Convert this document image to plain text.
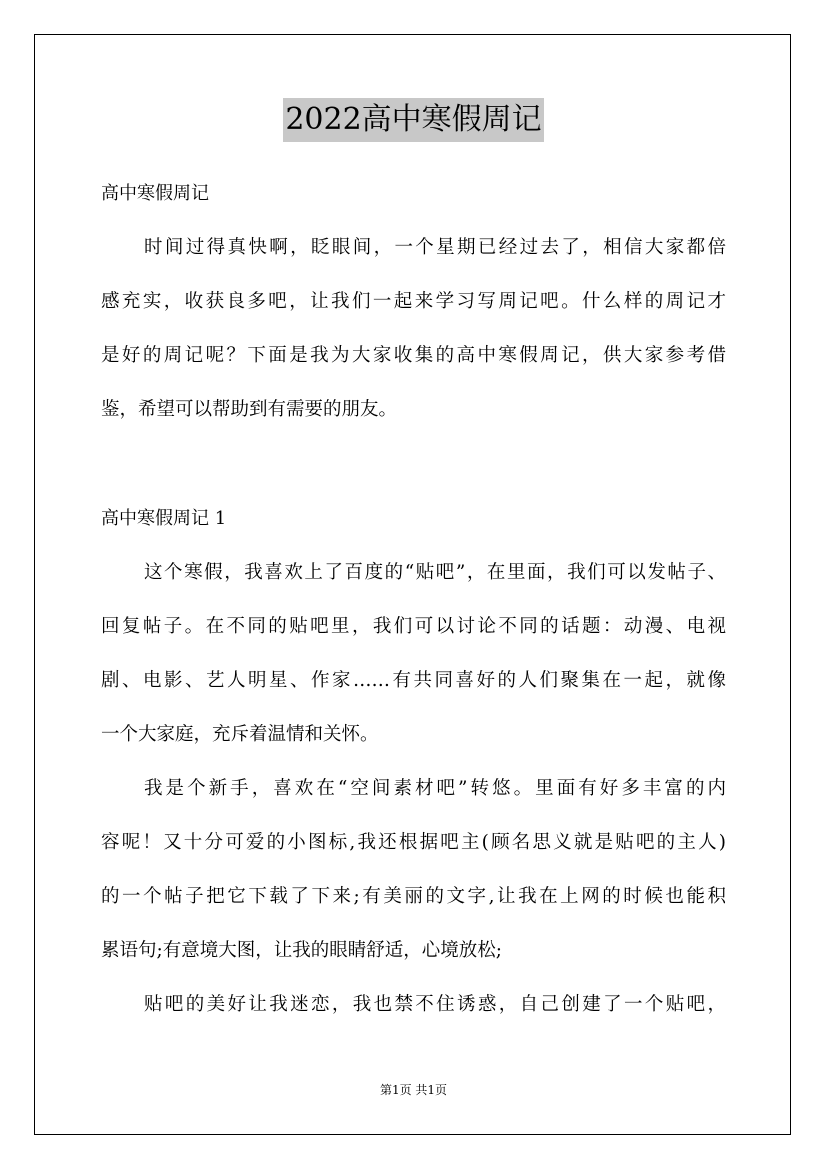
2022高中寒假周记
高中寒假周记
时间过得真快啊，眨眼间，一个星期已经过去了，相信大家都倍
感充实，收获良多吧，让我们一起来学习写周记吧。什么样的周记才
是好的周记呢？下面是我为大家收集的高中寒假周记，供大家参考借
鉴，希望可以帮助到有需要的朋友。
高中寒假周记 1
这个寒假，我喜欢上了百度的“贴吧”，在里面，我们可以发帖子、
回复帖子。在不同的贴吧里，我们可以讨论不同的话题：动漫、电视
剧、电影、艺人明星、作家……有共同喜好的人们聚集在一起，就像
一个大家庭，充斥着温情和关怀。
我是个新手，喜欢在“空间素材吧”转悠。里面有好多丰富的内
容呢！又十分可爱的小图标,我还根据吧主(顾名思义就是贴吧的主人)
的一个帖子把它下载了下来;有美丽的文字,让我在上网的时候也能积
累语句;有意境大图，让我的眼睛舒适，心境放松;
贴吧的美好让我迷恋，我也禁不住诱惑，自己创建了一个贴吧，
第1页 共1页
